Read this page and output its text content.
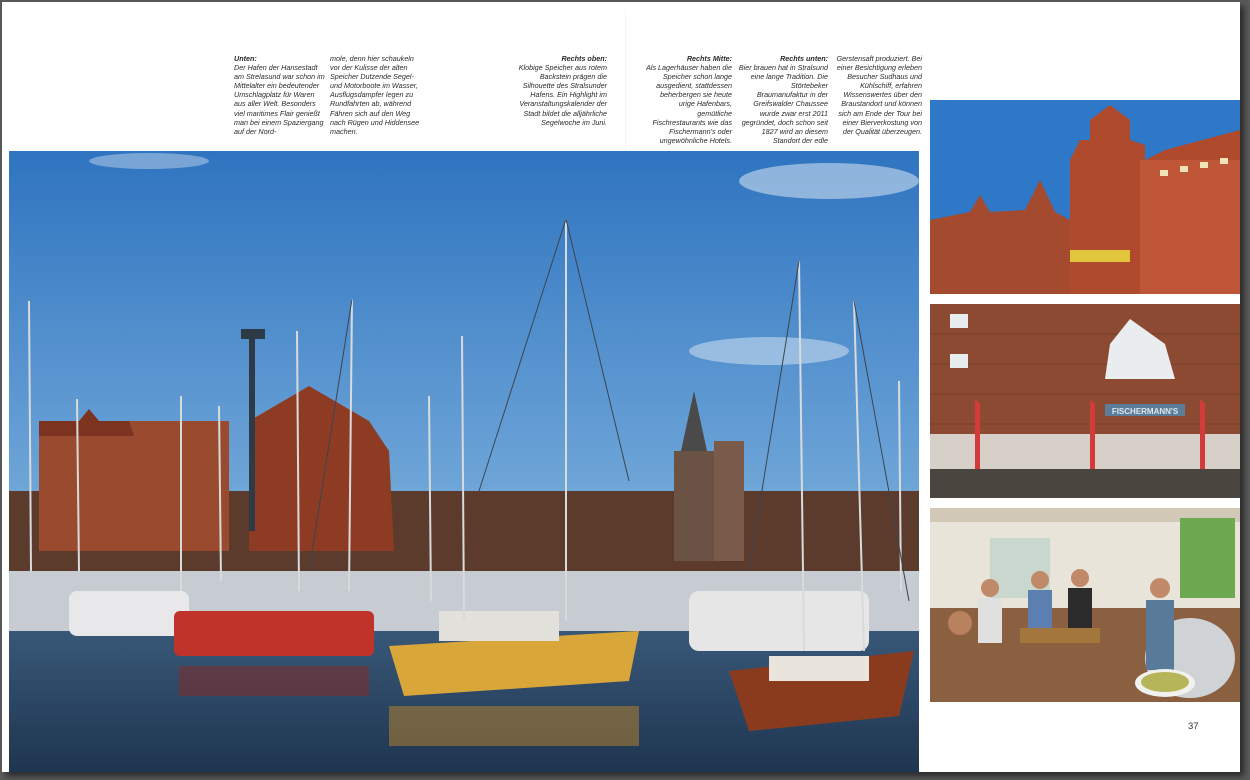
Unten:
Der Hafen der Hansestadt am Strelasund war schon im Mittelalter ein bedeutender Umschlagplatz für Waren aus aller Welt. Besonders viel maritimes Flair genießt man bei einem Spaziergang auf der Nord-
mole, denn hier schaukeln vor der Kulisse der alten Speicher Dutzende Segel- und Motorboote im Wasser, Ausflugsdampfer legen zu Rundfahrten ab, während Fähren sich auf den Weg nach Rügen und Hiddensee machen.
Rechts oben:
Klobige Speicher aus rotem Backstein prägen die Silhouette des Stralsunder Hafens. Ein Highlight im Veranstaltungskalender der Stadt bildet die alljährliche Segelwoche im Juni.
Rechts Mitte:
Als Lagerhäuser haben die Speicher schon lange ausgedient, stattdessen beherbergen sie heute urige Hafenbars, gemütliche Fischrestaurants wie das Fischermann's oder ungewöhnliche Hotels.
Rechts unten:
Bier brauen hat in Stralsund eine lange Tradition. Die Störtebeker Braumanufaktur in der Greifswalder Chaussee wurde zwar erst 2011 gegründet, doch schon seit 1827 wird an diesem Standort der edle
Gerstensaft produziert. Bei einer Besichtigung erleben Besucher Sudhaus und Kühlschiff, erfahren Wissenswertes über den Braustandort und können sich am Ende der Tour bei einer Bierverkostung von der Qualität überzeugen.
FISCHERMANN'S
37
